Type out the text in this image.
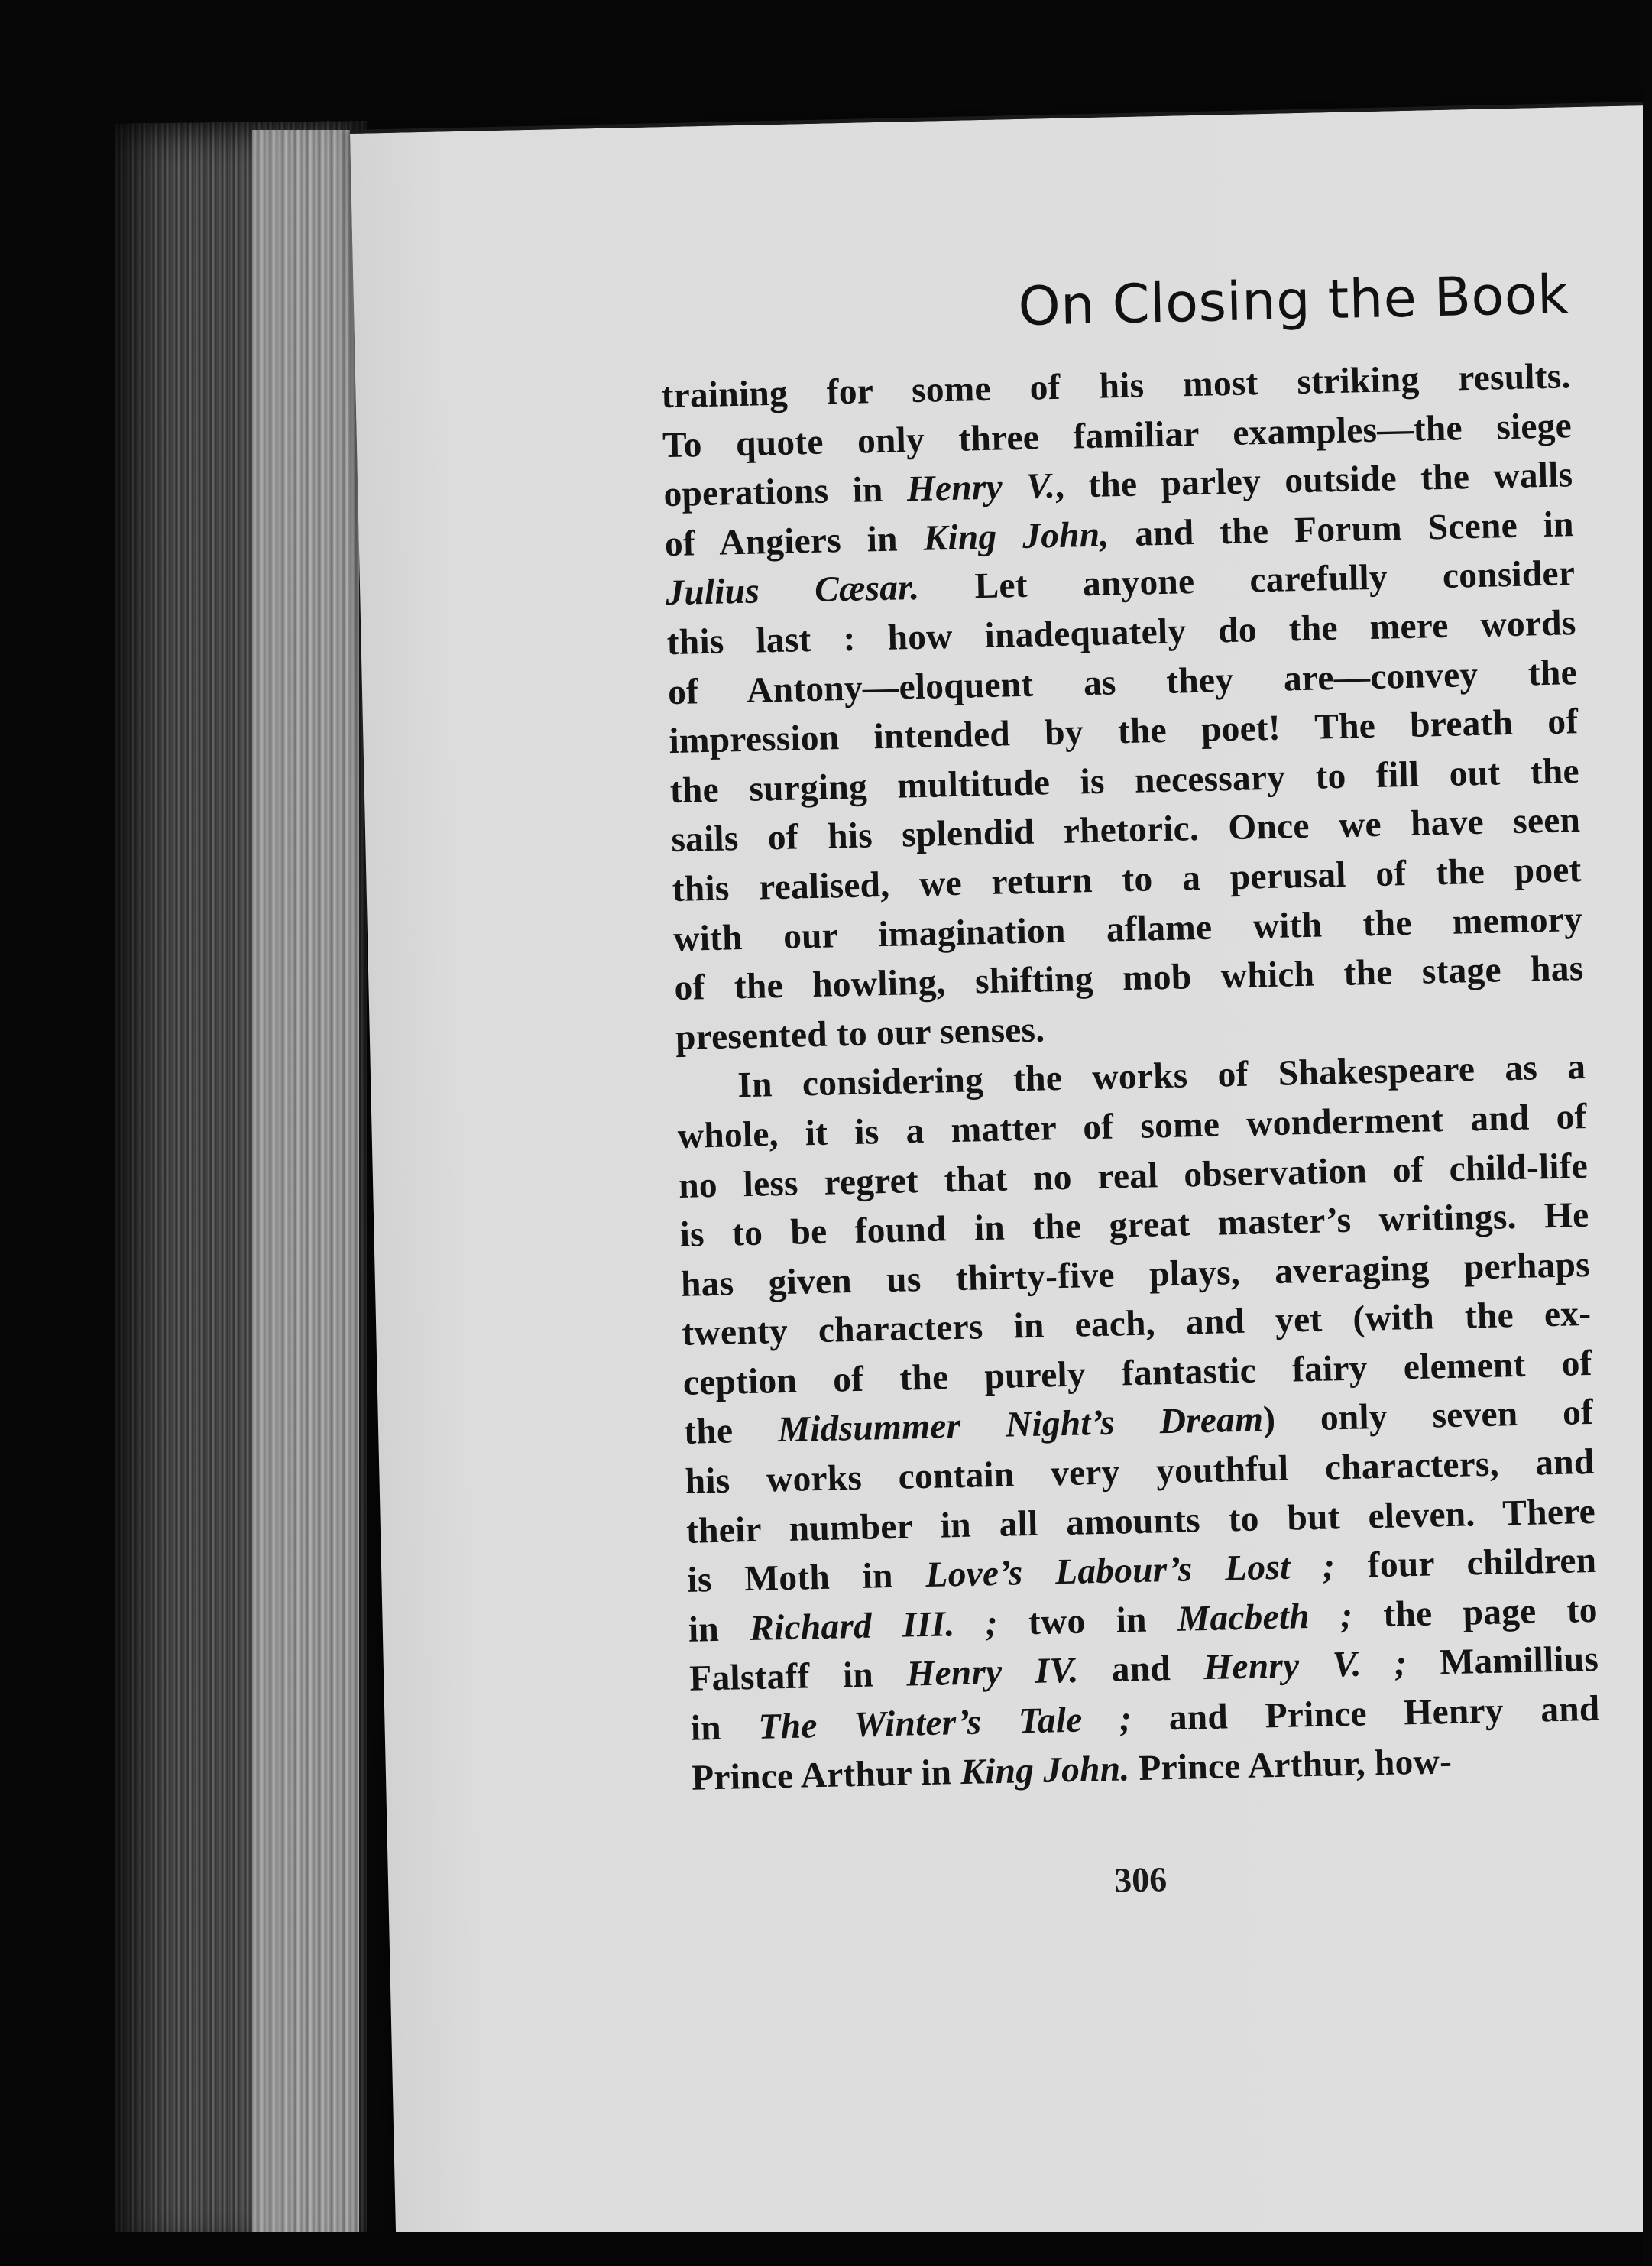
On Closing the Book
training for some of his most striking results.
To quote only three familiar examples—the siege
operations in Henry V., the parley outside the walls
of Angiers in King John, and the Forum Scene in
Julius Cæsar. Let anyone carefully consider
this last : how inadequately do the mere words
of Antony—eloquent as they are—convey the
impression intended by the poet! The breath of
the surging multitude is necessary to fill out the
sails of his splendid rhetoric. Once we have seen
this realised, we return to a perusal of the poet
with our imagination aflame with the memory
of the howling, shifting mob which the stage has
presented to our senses.
In considering the works of Shakespeare as a
whole, it is a matter of some wonderment and of
no less regret that no real observation of child-life
is to be found in the great master’s writings. He
has given us thirty-five plays, averaging perhaps
twenty characters in each, and yet (with the ex-
ception of the purely fantastic fairy element of
the Midsummer Night’s Dream) only seven of
his works contain very youthful characters, and
their number in all amounts to but eleven. There
is Moth in Love’s Labour’s Lost ; four children
in Richard III. ; two in Macbeth ; the page to
Falstaff in Henry IV. and Henry V. ; Mamillius
in The Winter’s Tale ; and Prince Henry and
Prince Arthur in King John. Prince Arthur, how-
306
